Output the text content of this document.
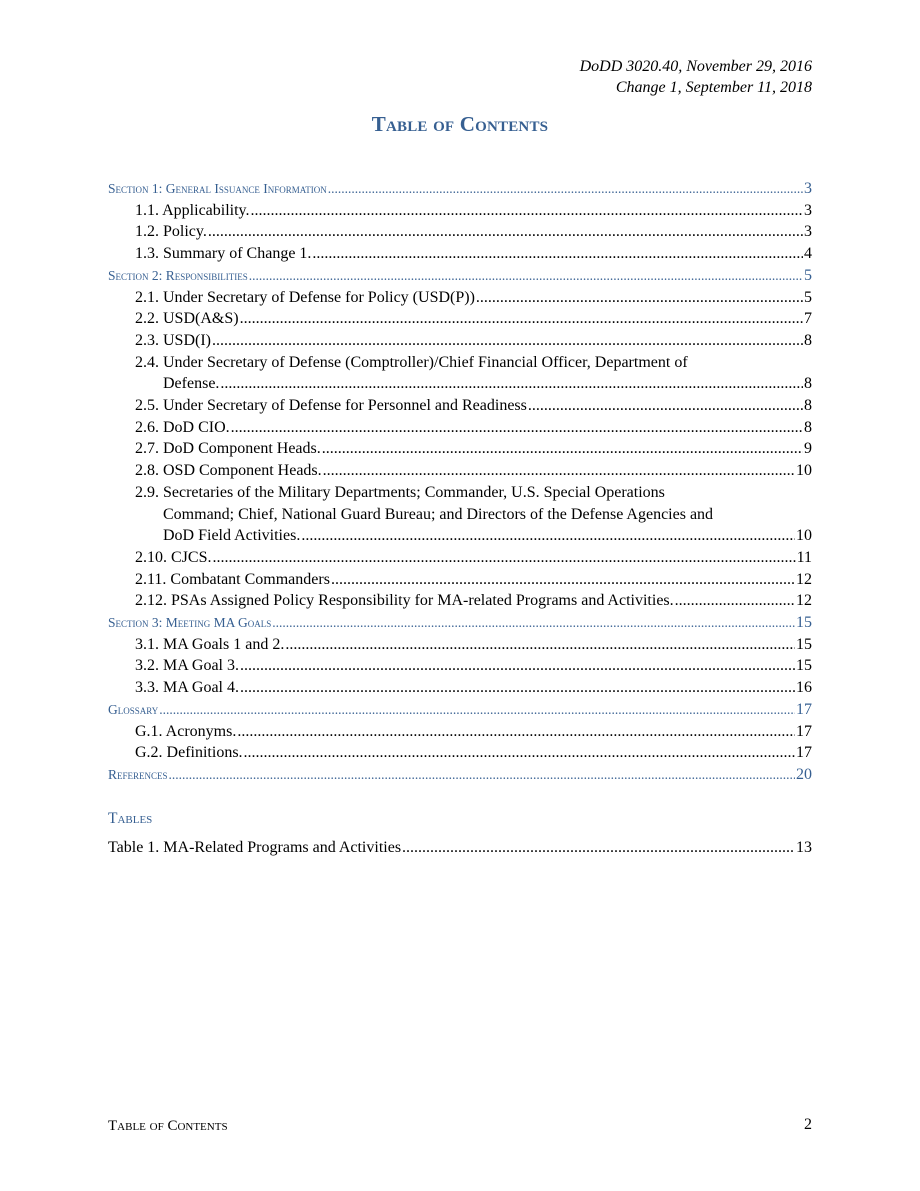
DoDD 3020.40, November 29, 2016
Change 1, September 11, 2018
Table of Contents
Section 1: General Issuance Information .....	3
1.1. Applicability. .....	3
1.2. Policy. .....	3
1.3. Summary of Change 1. .....	4
Section 2: Responsibilities .....	5
2.1. Under Secretary of Defense for Policy (USD(P)) .....	5
2.2. USD(A&S) .....	7
2.3. USD(I) .....	8
2.4. Under Secretary of Defense (Comptroller)/Chief Financial Officer, Department of
Defense. .....	8
2.5. Under Secretary of Defense for Personnel and Readiness .....	8
2.6. DoD CIO. .....	8
2.7. DoD Component Heads. .....	9
2.8. OSD Component Heads. .....	10
2.9. Secretaries of the Military Departments; Commander, U.S. Special Operations
Command; Chief, National Guard Bureau; and Directors of the Defense Agencies and
DoD Field Activities. .....	10
2.10. CJCS. .....	11
2.11. Combatant Commanders .....	12
2.12. PSAs Assigned Policy Responsibility for MA-related Programs and Activities. .....	12
Section 3: Meeting MA Goals .....	15
3.1. MA Goals 1 and 2. .....	15
3.2. MA Goal 3. .....	15
3.3. MA Goal 4. .....	16
Glossary .....	17
G.1. Acronyms. .....	17
G.2. Definitions. .....	17
References .....	20
Tables
Table 1. MA-Related Programs and Activities .....	13
Table of Contents	2
